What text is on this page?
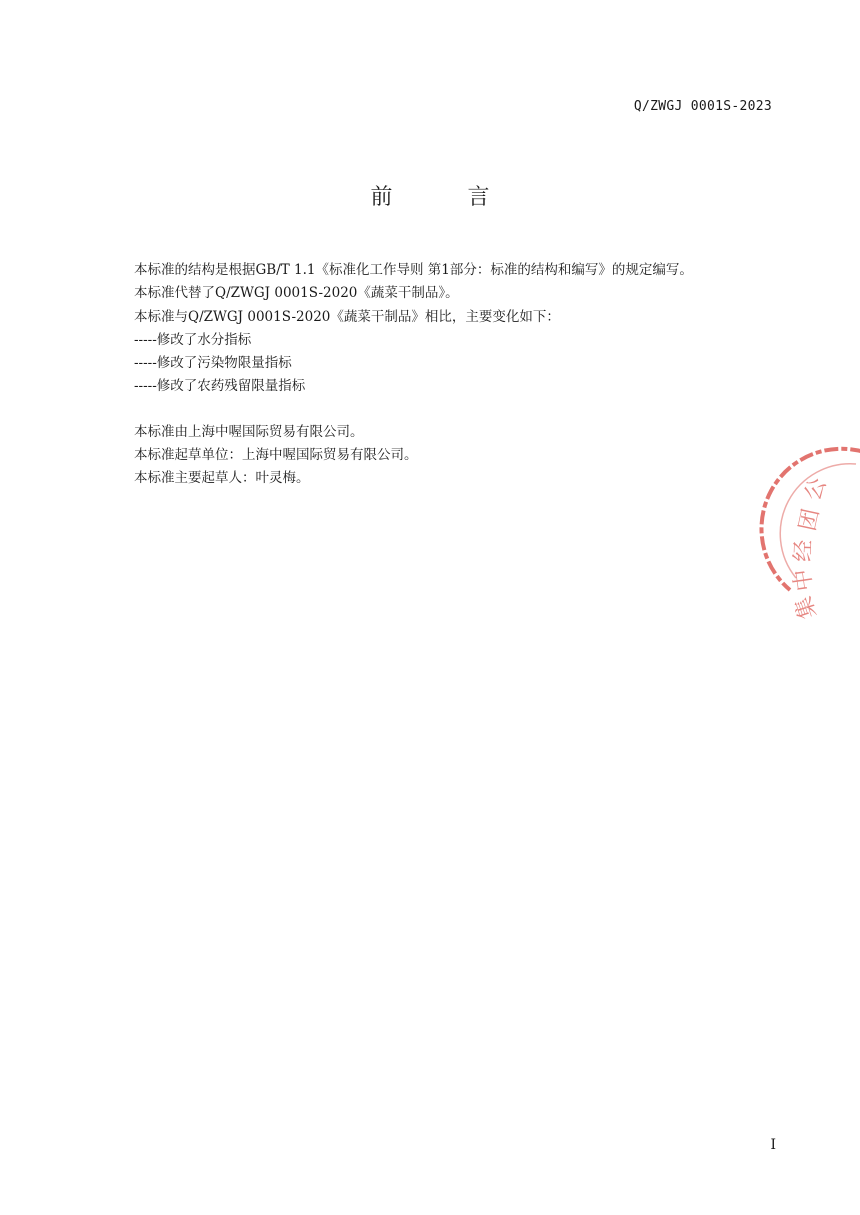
Q/ZWGJ 0001S-2023
前 言
本标准的结构是根据GB/T 1.1《标准化工作导则 第1部分：标准的结构和编写》的规定编写。
本标准代替了Q/ZWGJ 0001S-2020《蔬菜干制品》。
本标准与Q/ZWGJ 0001S-2020《蔬菜干制品》相比，主要变化如下：
-----修改了水分指标
-----修改了污染物限量指标
-----修改了农药残留限量指标
本标准由上海中喔国际贸易有限公司。
本标准起草单位：上海中喔国际贸易有限公司。
本标准主要起草人：叶灵梅。	公
团
经
中
集
I
